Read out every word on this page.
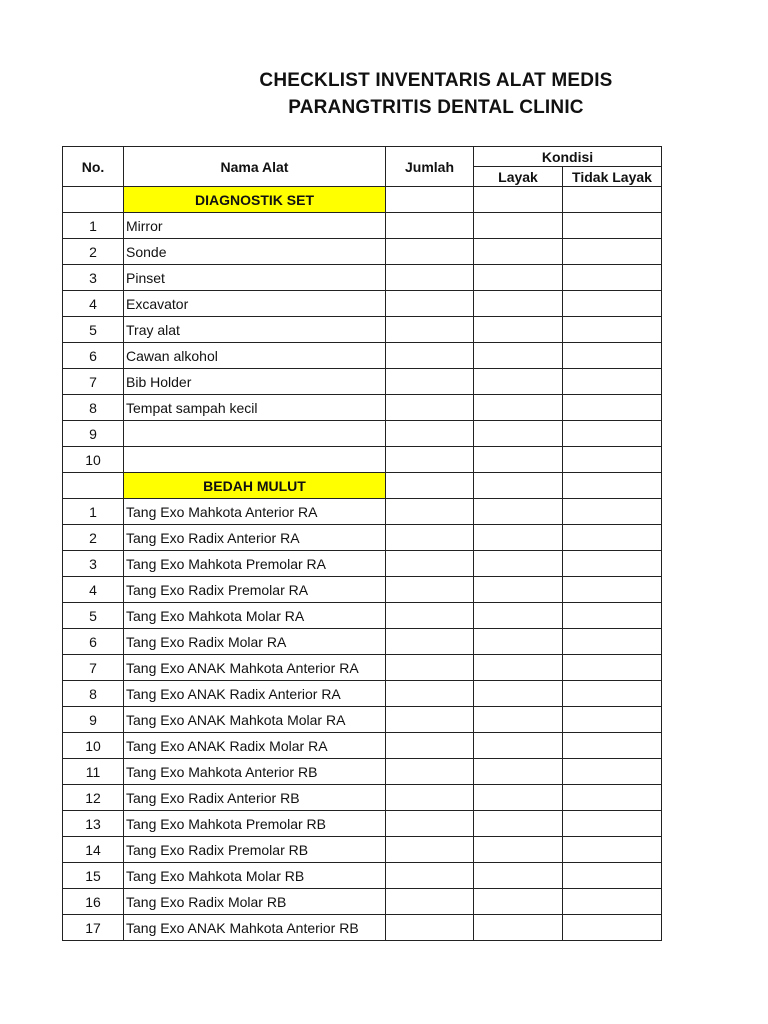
CHECKLIST INVENTARIS ALAT MEDIS
PARANGTRITIS DENTAL CLINIC
No.	Nama Alat	Jumlah	Kondisi	
			Layak	Tidak Layak
	DIAGNOSTIK SET			
1	Mirror			
2	Sonde			
3	Pinset			
4	Excavator			
5	Tray alat			
6	Cawan alkohol			
7	Bib Holder			
8	Tempat sampah kecil			
9				
10				
	BEDAH MULUT			
1	Tang Exo Mahkota Anterior RA			
2	Tang Exo Radix Anterior RA			
3	Tang Exo Mahkota Premolar RA			
4	Tang Exo Radix Premolar RA			
5	Tang Exo Mahkota Molar RA			
6	Tang Exo Radix Molar RA			
7	Tang Exo ANAK Mahkota Anterior RA			
8	Tang Exo ANAK Radix Anterior RA			
9	Tang Exo ANAK Mahkota Molar RA			
10	Tang Exo ANAK Radix Molar RA			
11	Tang Exo Mahkota Anterior RB			
12	Tang Exo Radix Anterior RB			
13	Tang Exo Mahkota Premolar RB			
14	Tang Exo Radix Premolar RB			
15	Tang Exo Mahkota Molar RB			
16	Tang Exo Radix Molar RB			
17	Tang Exo ANAK Mahkota Anterior RB			
